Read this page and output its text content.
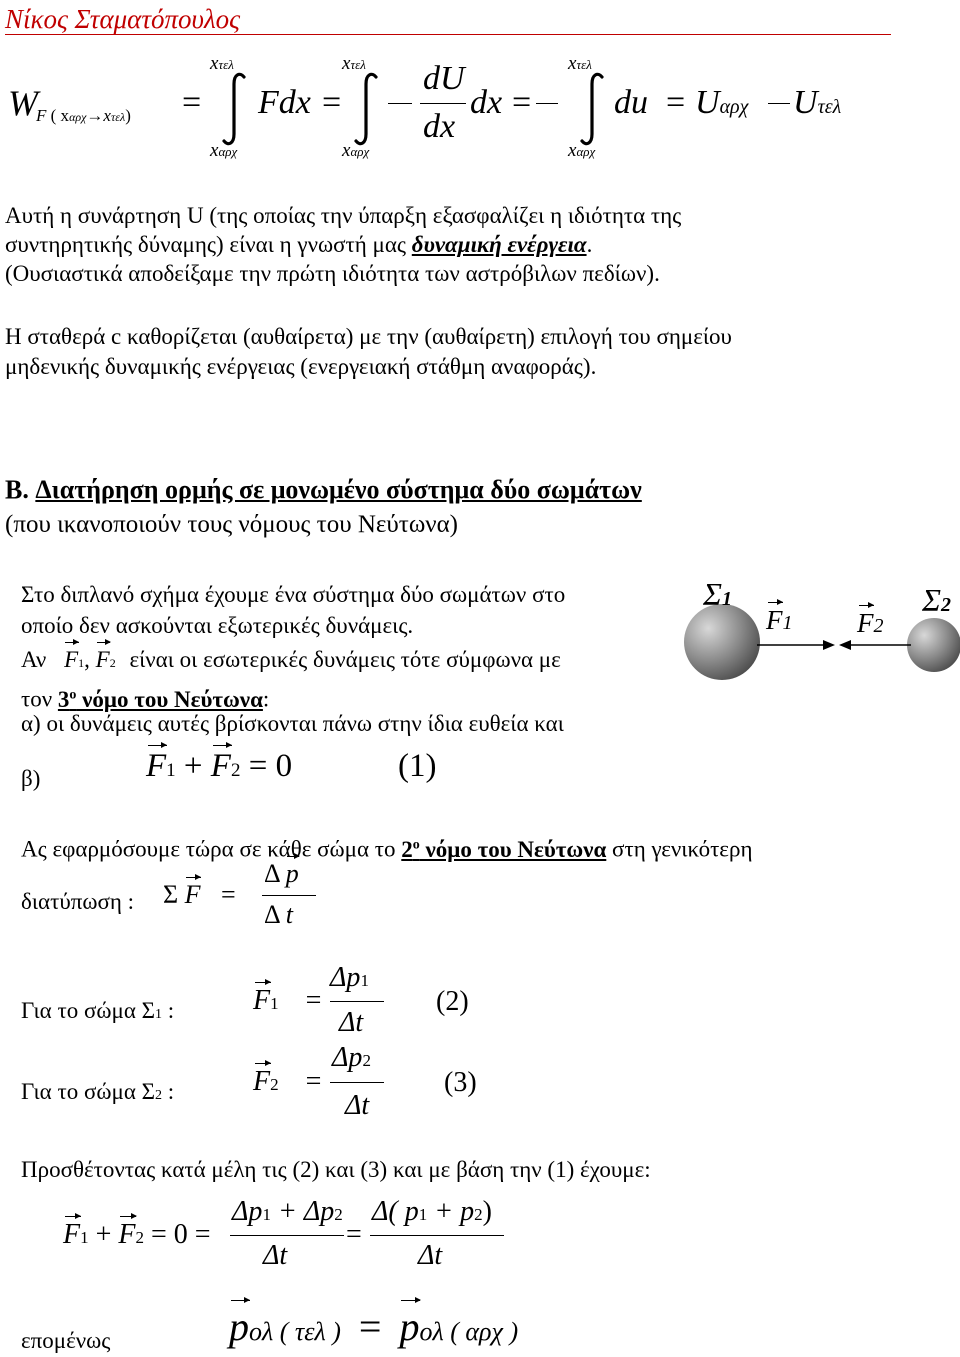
Νίκος Σταματόπουλος
W
F ( xαρχ→xτελ) =
xτελ
xαρχ
Fdx =
xτελ
xαρχ
dU
dx
dx =
xτελ
xαρχ
du = Uαρχ Uτελ
Αυτή η συνάρτηση U (της οποίας την ύπαρξη εξασφαλίζει η ιδιότητα της
συντηρητικής δύναμης) είναι η γνωστή μας δυναμική ενέργεια.
(Ουσιαστικά αποδείξαμε την πρώτη ιδιότητα των αστρόβιλων πεδίων).
Η σταθερά c καθορίζεται (αυθαίρετα) με την (αυθαίρετη) επιλογή του σημείου
μηδενικής δυναμικής ενέργειας (ενεργειακή στάθμη αναφοράς).
Β. Διατήρηση ορμής σε μονωμένο σύστημα δύο σωμάτων
(που ικανοποιούν τους νόμους του Νεύτωνα)
Στο διπλανό σχήμα έχουμε ένα σύστημα δύο σωμάτων στο
οποίο δεν ασκούνται εξωτερικές δυνάμεις.
Αν F1, F2 είναι οι εσωτερικές δυνάμεις τότε σύμφωνα με
τον $3^o$ νόμο του Νεύτωνα:
α) οι δυνάμεις αυτές βρίσκονται πάνω στην ίδια ευθεία και
β)	F1 + F2 = 0	(1)
Σ1	Σ2
F1 F2
Ας εφαρμόσουμε τώρα σε κάθε σώμα το $2^o$ νόμο του Νεύτωνα στη γενικότερη
διατύπωση : Σ F =
Δ p
Δ t
Για το σώμα Σ1 :	F1 =
Δp1
Δt
(2)
Για το σώμα Σ2 :	F2 =
Δp2
Δt
(3)
Προσθέτοντας κατά μέλη τις (2) και (3) και με βάση την (1) έχουμε:
F1 + F2 = 0 =
Δp1 + Δp2
Δt
=
Δ( p1 + p2)
Δt
επομένως	pολ ( τελ ) = pολ ( αρχ )
